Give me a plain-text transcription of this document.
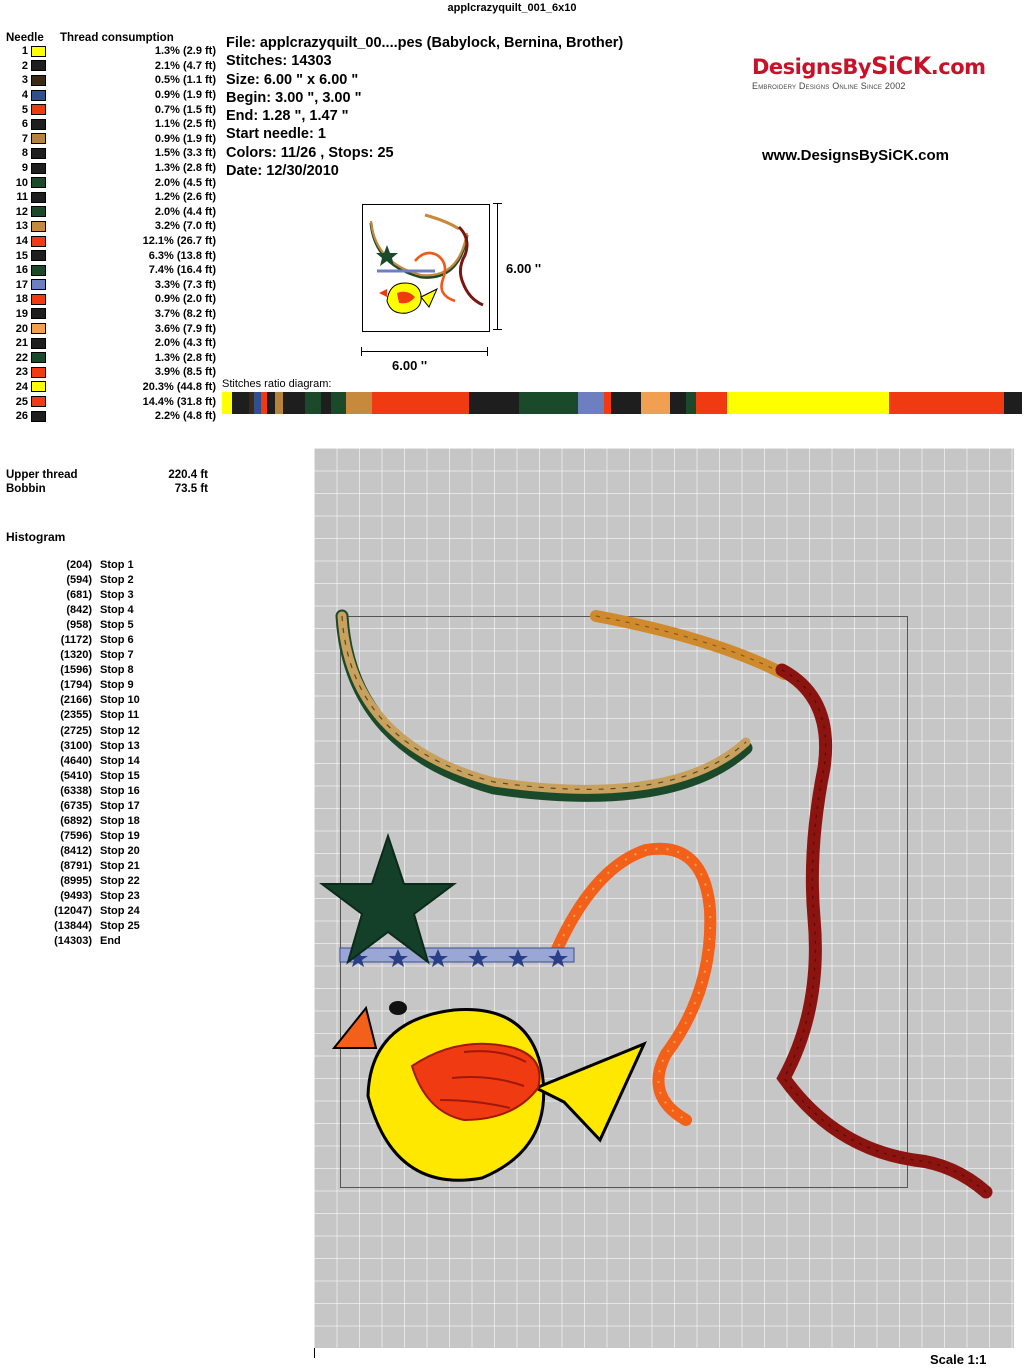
applcrazyquilt_001_6x10
Needle	Thread consumption
1	1.3% (2.9 ft)
2	2.1% (4.7 ft)
3	0.5% (1.1 ft)
4	0.9% (1.9 ft)
5	0.7% (1.5 ft)
6	1.1% (2.5 ft)
7	0.9% (1.9 ft)
8	1.5% (3.3 ft)
9	1.3% (2.8 ft)
10	2.0% (4.5 ft)
11	1.2% (2.6 ft)
12	2.0% (4.4 ft)
13	3.2% (7.0 ft)
14	12.1% (26.7 ft)
15	6.3% (13.8 ft)
16	7.4% (16.4 ft)
17	3.3% (7.3 ft)
18	0.9% (2.0 ft)
19	3.7% (8.2 ft)
20	3.6% (7.9 ft)
21	2.0% (4.3 ft)
22	1.3% (2.8 ft)
23	3.9% (8.5 ft)
24	20.3% (44.8 ft)
25	14.4% (31.8 ft)
26	2.2% (4.8 ft)
Upper thread	220.4 ft
Bobbin	73.5 ft
Histogram
(204) Stop 1
(594) Stop 2
(681) Stop 3
(842) Stop 4
(958) Stop 5
(1172) Stop 6
(1320) Stop 7
(1596) Stop 8
(1794) Stop 9
(2166) Stop 10
(2355) Stop 11
(2725) Stop 12
(3100) Stop 13
(4640) Stop 14
(5410) Stop 15
(6338) Stop 16
(6735) Stop 17
(6892) Stop 18
(7596) Stop 19
(8412) Stop 20
(8791) Stop 21
(8995) Stop 22
(9493) Stop 23
(12047) Stop 24
(13844) Stop 25
(14303) End
File: applcrazyquilt_00....pes (Babylock, Bernina, Brother)
Stitches: 14303
Size: 6.00 " x 6.00 "
Begin: 3.00 ", 3.00 "
End: 1.28 ", 1.47 "
Start needle: 1
Colors: 11/26 , Stops: 25
Date: 12/30/2010
DesignsBySiCK.com
Embroidery Designs Online Since 2002
www.DesignsBySiCK.com
6.00 ''
6.00 ''
Stitches ratio diagram:
Scale 1:1
